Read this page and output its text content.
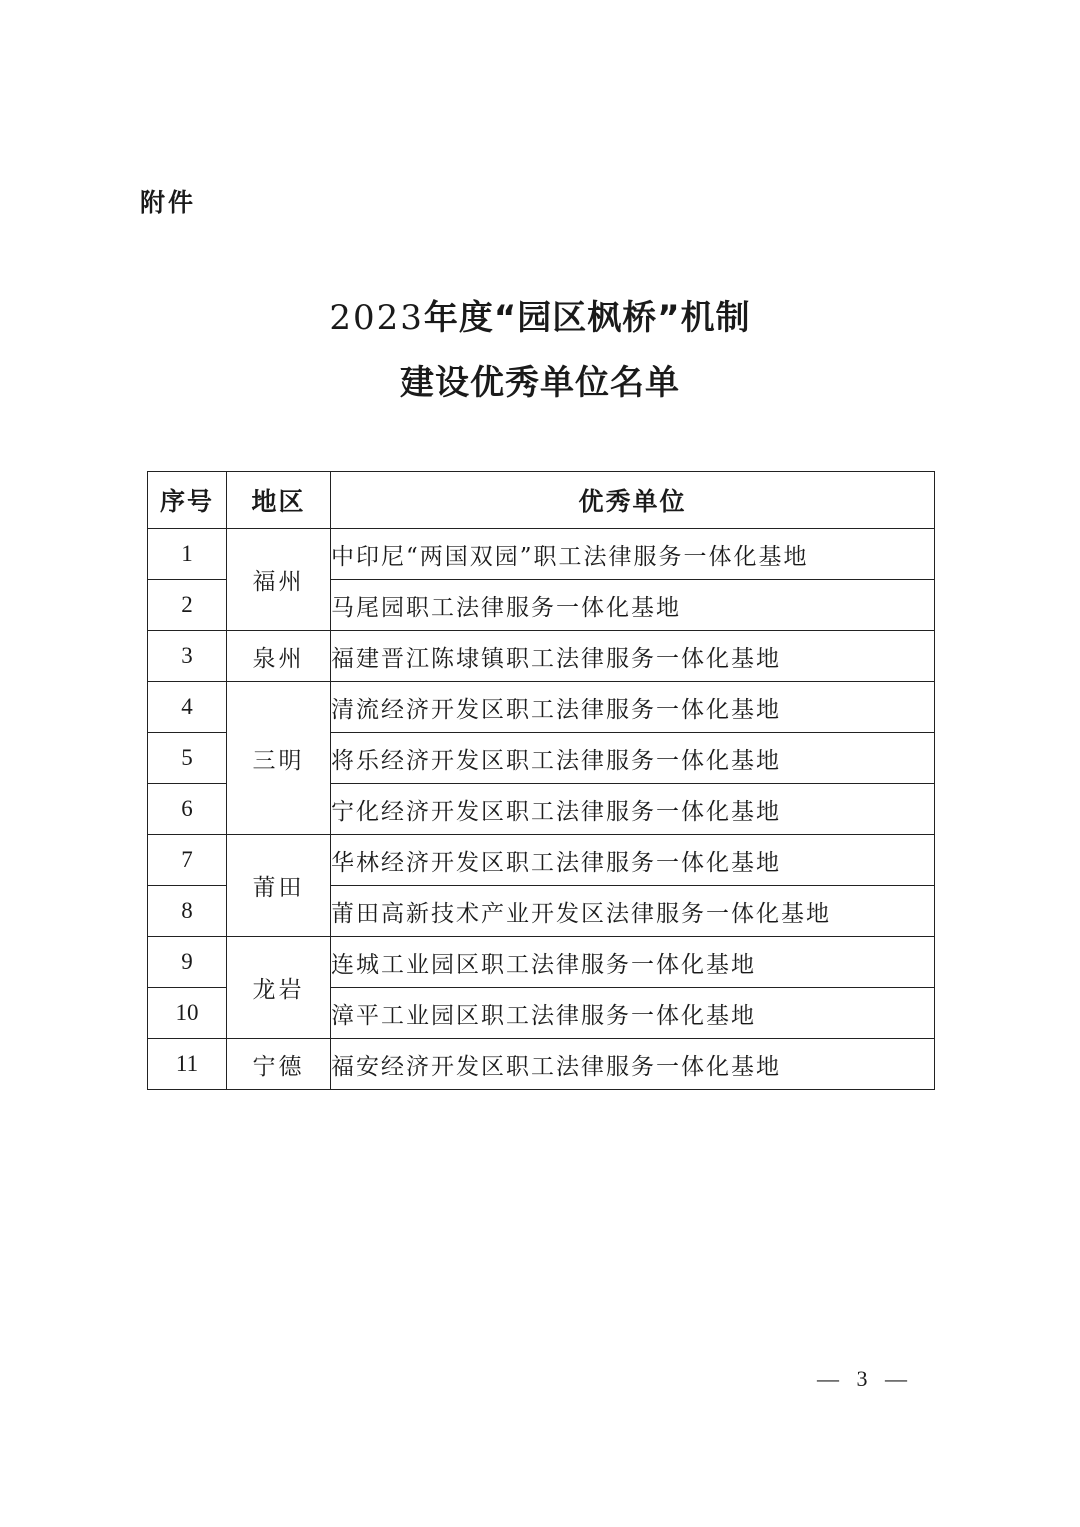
附件

2023年度“园区枫桥”机制
建设优秀单位名单
序号	地区	优秀单位
1	福州	中印尼“两国双园”职工法律服务一体化基地
2		马尾园职工法律服务一体化基地
3	泉州	福建晋江陈埭镇职工法律服务一体化基地
4	三明	清流经济开发区职工法律服务一体化基地
5		将乐经济开发区职工法律服务一体化基地
6		宁化经济开发区职工法律服务一体化基地
7	莆田	华林经济开发区职工法律服务一体化基地
8		莆田高新技术产业开发区法律服务一体化基地
9	龙岩	连城工业园区职工法律服务一体化基地
10		漳平工业园区职工法律服务一体化基地
11	宁德	福安经济开发区职工法律服务一体化基地
— 3 —
